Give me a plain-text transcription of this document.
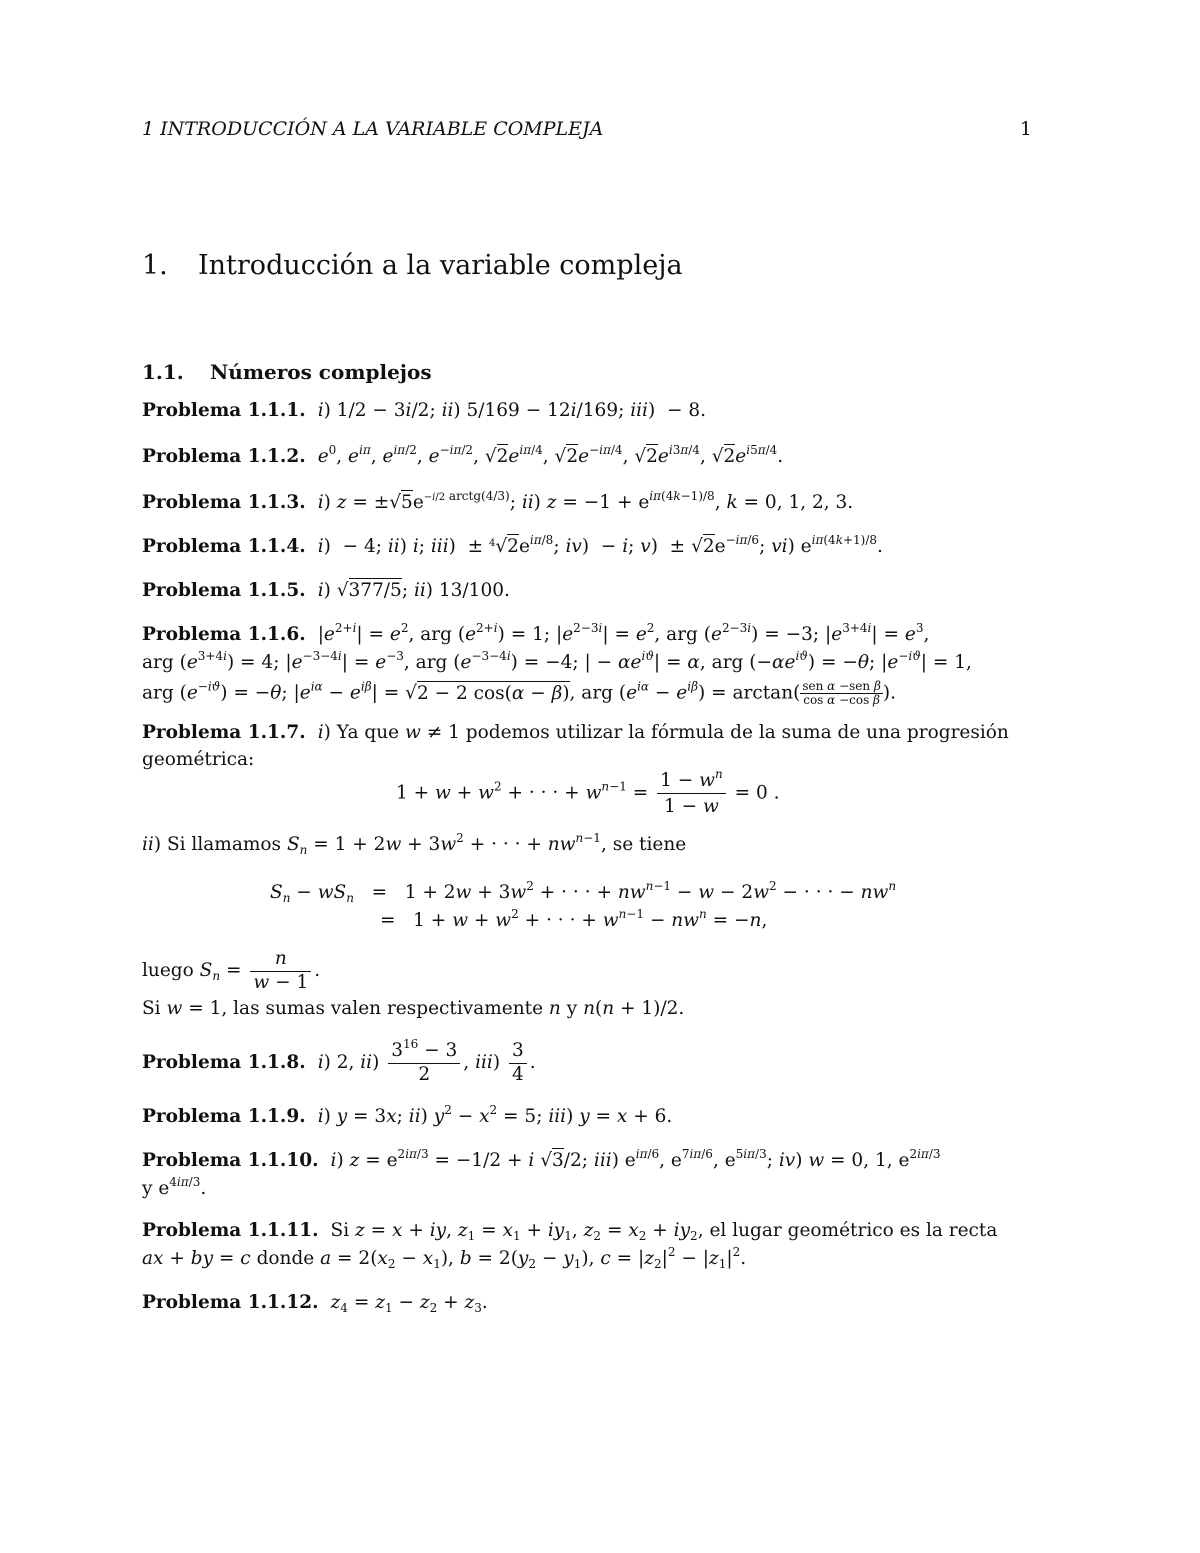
1 INTRODUCCIÓN A LA VARIABLE COMPLEJA	1
1. Introducción a la variable compleja
1.1. Números complejos
Problema 1.1.1. i) 1/2 − 3i/2; ii) 5/169 − 12i/169; iii)  − 8.
Problema 1.1.2. $e^0$, $e^{i\pi}$, $e^{i\pi/2}$, $e^{-i\pi/2}$, $√2e^{i\pi/4}$, $√2e^{-i\pi/4}$, $√2e^{i3\pi/4}$, $√2e^{i5\pi/4}$.
Problema 1.1.3. i) $z = \pm√5e^{-i/2 arctg(4/3)}$; ii) $z = -1 + e^{i\pi(4k-1)/8}$, k = 0, 1, 2, 3.
Problema 1.1.4. i)  − 4; ii) i; $iii) \pm ^4√2e^{i\pi/8}$; iv)  − i; $v) \pm √2e^{-i\pi/6}$; vi) $e^{i\pi(4k+1)/8}$.
Problema 1.1.5. i) √377/5; ii) 13/100.
Problema 1.1.6. $|e^{2+i}| = e^2$, arg $(e^{2+i}) = 1$; $|e^{2-3i}| = e^2$, arg $(e^{2-3i}) = -3$; $|e^{3+4i}| = e^3$,
arg $(e^{3+4i}) = 4$; $|e^{-3-4i}| = e^{-3}$, arg $(e^{-3-4i}) = -4$; | − $\alpha e^{iϑ}| = \alpha$, arg $(-\alpha e^{iϑ}) = -\theta$; $|e^{-iϑ}| = 1$,
arg $(e^{-iϑ}) = -\theta$; $|e^{i\alpha} - e^{i\beta}| = √2 - 2$ cos(α − β), arg $(e^{i\alpha} - e^{i\beta}) = \arctan$( sen α −sen β
cos α −cos β ).
Problema 1.1.7. i) Ya que w ≠ 1 podemos utilizar la fórmula de la suma de una progresión
geométrica:
$1 + w + w^2$ + · · · + $w^{n-1} = \frac{1 - w^n}{1 - w} = 0$ .
ii) Si llamamos $S_n = 1 + 2w + 3w^2$ + · · · + $nw^{n-1}$, se tiene
$S_n - wS_n = 1 + 2w + 3w^2$ + · · · + $nw^{n-1} - w - 2w^2$ − · · · − $nw^n$
=   $1 + w + w^2$ + · · · + $w^{n-1} - nw^n = -n$,
luego $S_n = \frac{n}{w - 1}$ .
Si w = 1, las sumas valen respectivamente n y n(n + 1)/2.
Problema 1.1.8. i) 2, $ii) \frac{3^{16} - 3}{2}$ , $iii) \frac{3}{4}$ .
Problema 1.1.9. i) y = 3x; ii) $y^2 - x^2 = 5$; iii) y = x + 6.
Problema 1.1.10. i) $z = e^{2i\pi/3} = -1/2 + i$ √3/2; iii) $e^{i\pi/6}$, $e^{7i\pi/6}$, $e^{5i\pi/3}$; iv) w = 0, 1, $e^{2i\pi/3}$
y $e^{4i\pi/3}$.
Problema 1.1.11. Si z = x + iy, $z_1 = x_1 + iy_1$, $z_2 = x_2 + iy_2$, el lugar geométrico es la recta
ax + by = c donde $a = 2(x_2 - x_1)$, $b = 2(y_2 - y_1)$, $c = |z_2|^2 - |z_1|^2$.
Problema 1.1.12. $z_4 = z_1 - z_2 + z_3$.
